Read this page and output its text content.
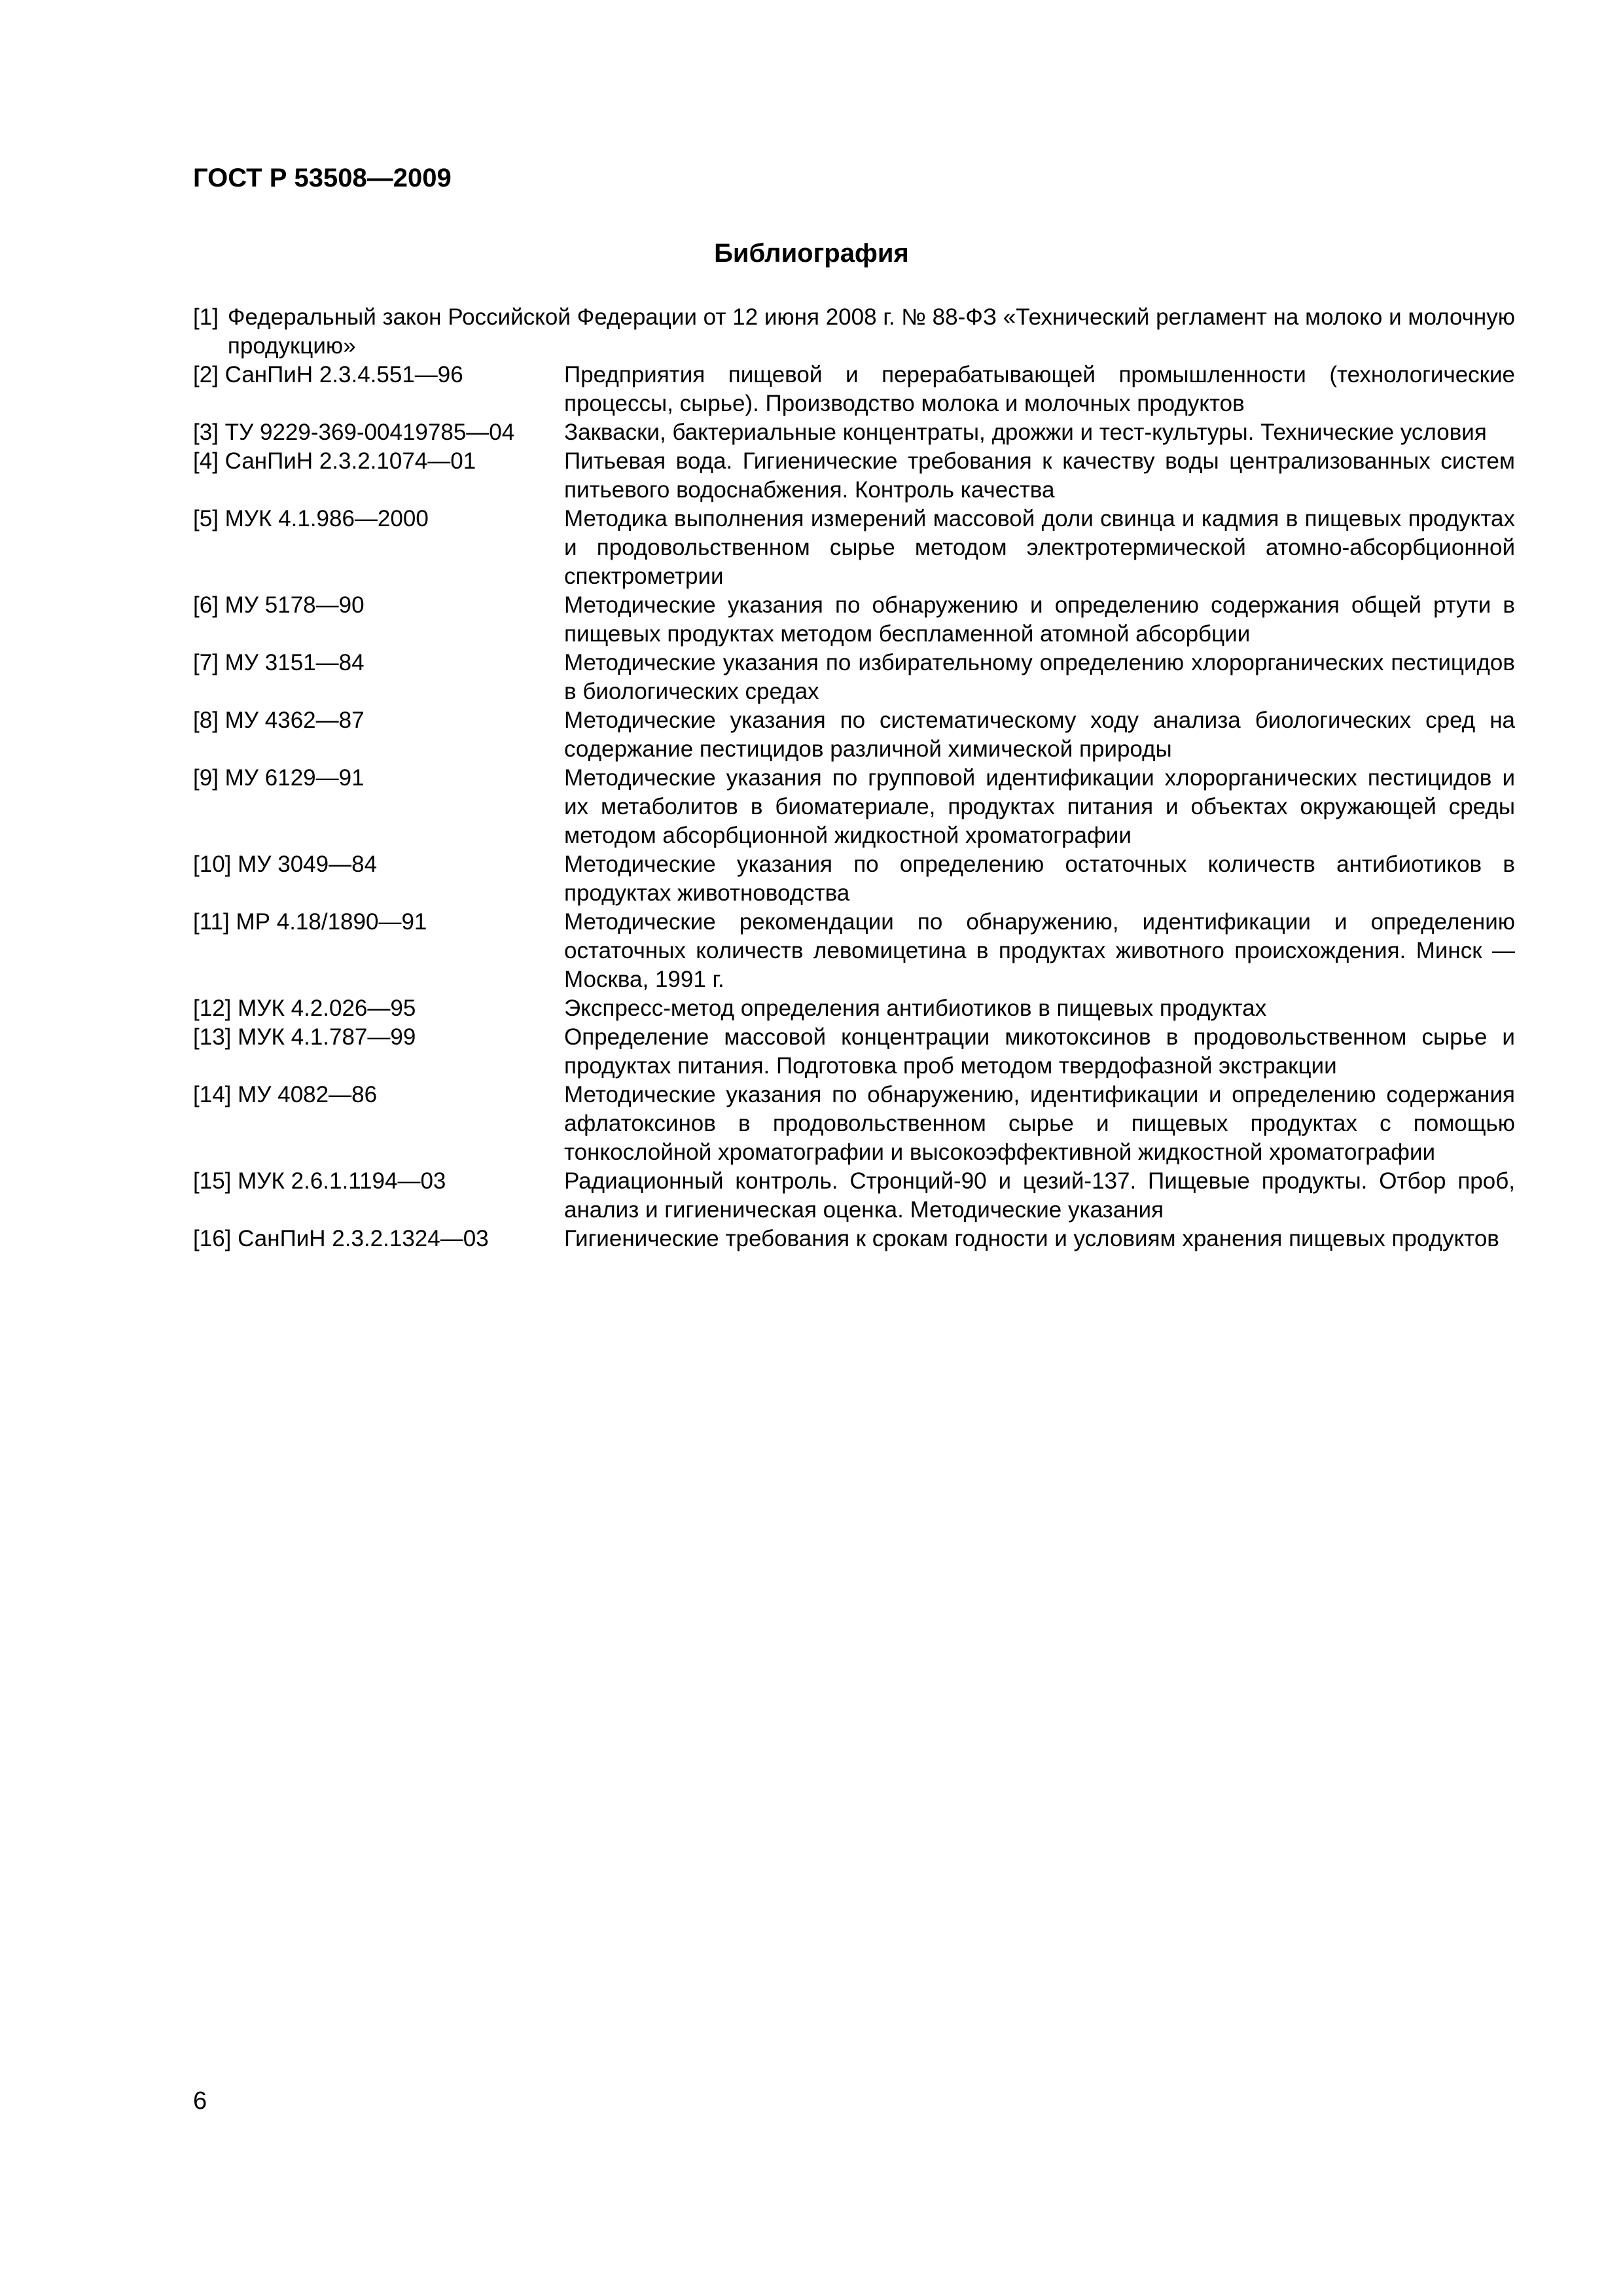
ГОСТ Р 53508—2009
Библиография
[1] Федеральный закон Российской Федерации от 12 июня 2008 г. № 88-ФЗ «Технический регламент на молоко и молочную продукцию»
[2] СанПиН 2.3.4.551—96	Предприятия пищевой и перерабатывающей промышленности (технологические процессы, сырье). Производство молока и молочных продуктов
[3] ТУ 9229-369-00419785—04	Закваски, бактериальные концентраты, дрожжи и тест-культуры. Технические условия
[4] СанПиН 2.3.2.1074—01	Питьевая вода. Гигиенические требования к качеству воды централизованных систем питьевого водоснабжения. Контроль качества
[5] МУК 4.1.986—2000	Методика выполнения измерений массовой доли свинца и кадмия в пищевых продуктах и продовольственном сырье методом электротермической атомно-абсорбционной спектрометрии
[6] МУ 5178—90	Методические указания по обнаружению и определению содержания общей ртути в пищевых продуктах методом беспламенной атомной абсорбции
[7] МУ 3151—84	Методические указания по избирательному определению хлорорганических пестицидов в биологических средах
[8] МУ 4362—87	Методические указания по систематическому ходу анализа биологических сред на содержание пестицидов различной химической природы
[9] МУ 6129—91	Методические указания по групповой идентификации хлорорганических пестицидов и их метаболитов в биоматериале, продуктах питания и объектах окружающей среды методом абсорбционной жидкостной хроматографии
[10] МУ 3049—84	Методические указания по определению остаточных количеств антибиотиков в продуктах животноводства
[11] МР 4.18/1890—91	Методические рекомендации по обнаружению, идентификации и определению остаточных количеств левомицетина в продуктах животного происхождения. Минск — Москва, 1991 г.
[12] МУК 4.2.026—95	Экспресс-метод определения антибиотиков в пищевых продуктах
[13] МУК 4.1.787—99	Определение массовой концентрации микотоксинов в продовольственном сырье и продуктах питания. Подготовка проб методом твердофазной экстракции
[14] МУ 4082—86	Методические указания по обнаружению, идентификации и определению содержания афлатоксинов в продовольственном сырье и пищевых продуктах с помощью тонкослойной хроматографии и высокоэффективной жидкостной хроматографии
[15] МУК 2.6.1.1194—03	Радиационный контроль. Стронций-90 и цезий-137. Пищевые продукты. Отбор проб, анализ и гигиеническая оценка. Методические указания
[16] СанПиН 2.3.2.1324—03	Гигиенические требования к срокам годности и условиям хранения пищевых продуктов
6
